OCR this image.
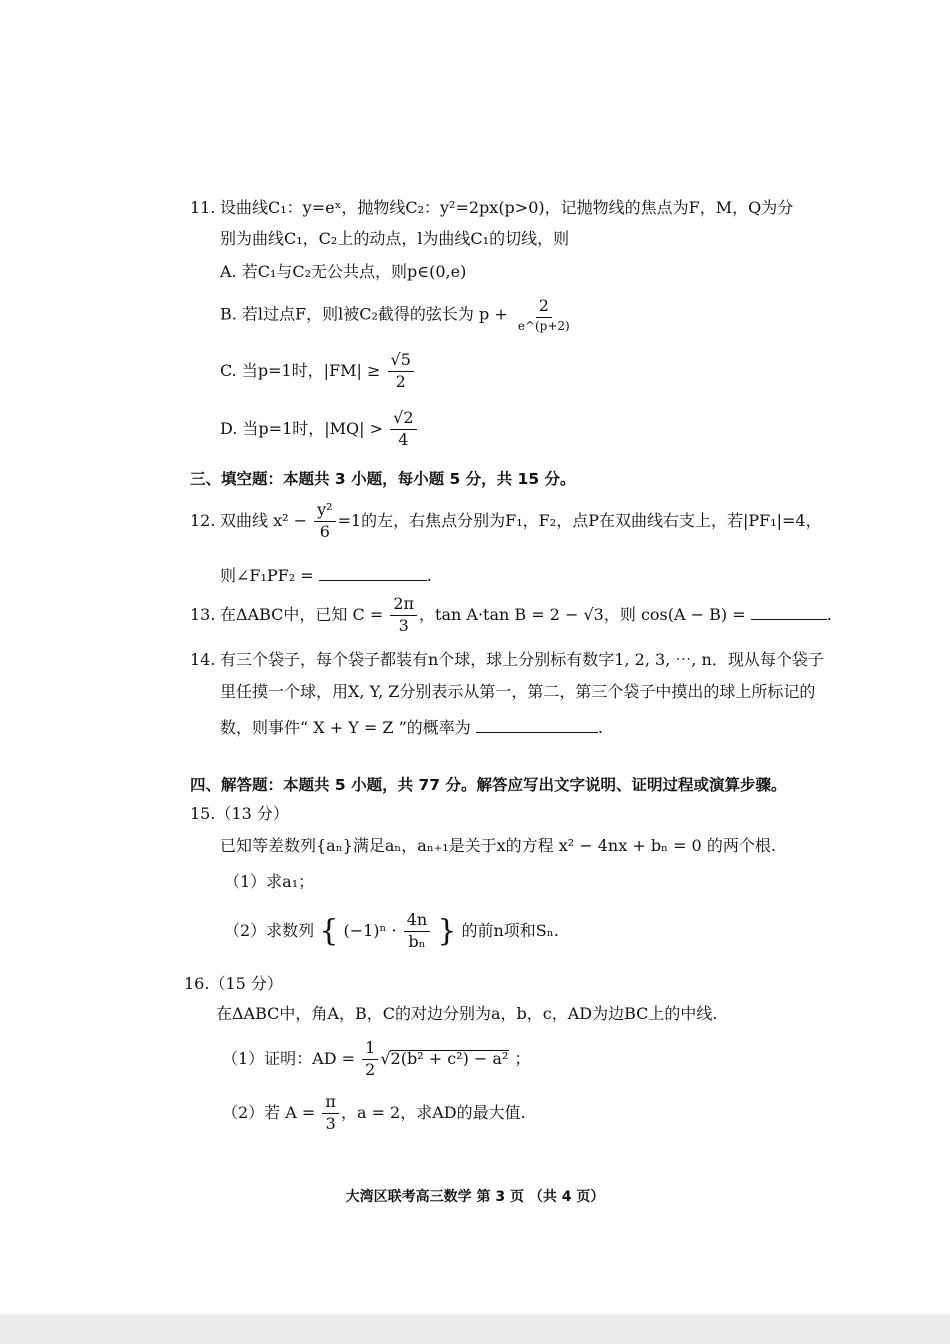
11. 设曲线C₁：y=eˣ，抛物线C₂：y²=2px(p>0)，记抛物线的焦点为F，M，Q为分
别为曲线C₁，C₂上的动点，l为曲线C₁的切线，则
A. 若C₁与C₂无公共点，则p∈(0,e)
B. 若l过点F，则l被C₂截得的弦长为 $p + \frac{2}{e\^{}(p+2)}$
C. 当p=1时，$|FM| \ge \frac{√5}{2}$
D. 当p=1时，$|MQ| > \frac{√2}{4}$
三、填空题：本题共 3 小题，每小题 5 分，共 15 分。
12. 双曲线 $x^2 - \frac{\text{y²}}{6} =1$的左，右焦点分别为F₁，F₂，点P在双曲线右支上，若|PF₁|=4，
则∠F₁PF₂ =	.
13. 在ΔABC中，已知 $C = \frac{2\pi}{3}$ ，tan A·tan B = 2 − √3，则 cos(A − B) =	.
14. 有三个袋子，每个袋子都装有n个球，球上分别标有数字1, 2, 3, ⋯, n．现从每个袋子
里任摸一个球，用X, Y, Z分别表示从第一，第二，第三个袋子中摸出的球上所标记的
数，则事件“ X + Y = Z ”的概率为	.
四、解答题：本题共 5 小题，共 77 分。解答应写出文字说明、证明过程或演算步骤。
15.（13 分）
已知等差数列{aₙ}满足aₙ，aₙ₊₁是关于x的方程 x² − 4nx + bₙ = 0 的两个根.
（1）求a₁；
（2）求数列 { $(-1)^n \cdot \frac{4n}{\text{bₙ}}$ } 的前n项和Sₙ.
16.（15 分）
在ΔABC中，角A，B，C的对边分别为a，b，c，AD为边BC上的中线.
（1）证明：AD = $\frac{1}{2} √2(b^2 + c^2) - a^2$ ；
（2）若 $A = \frac{\pi}{3}$ ，a = 2，求AD的最大值.
大湾区联考高三数学 第 3 页 （共 4 页）
